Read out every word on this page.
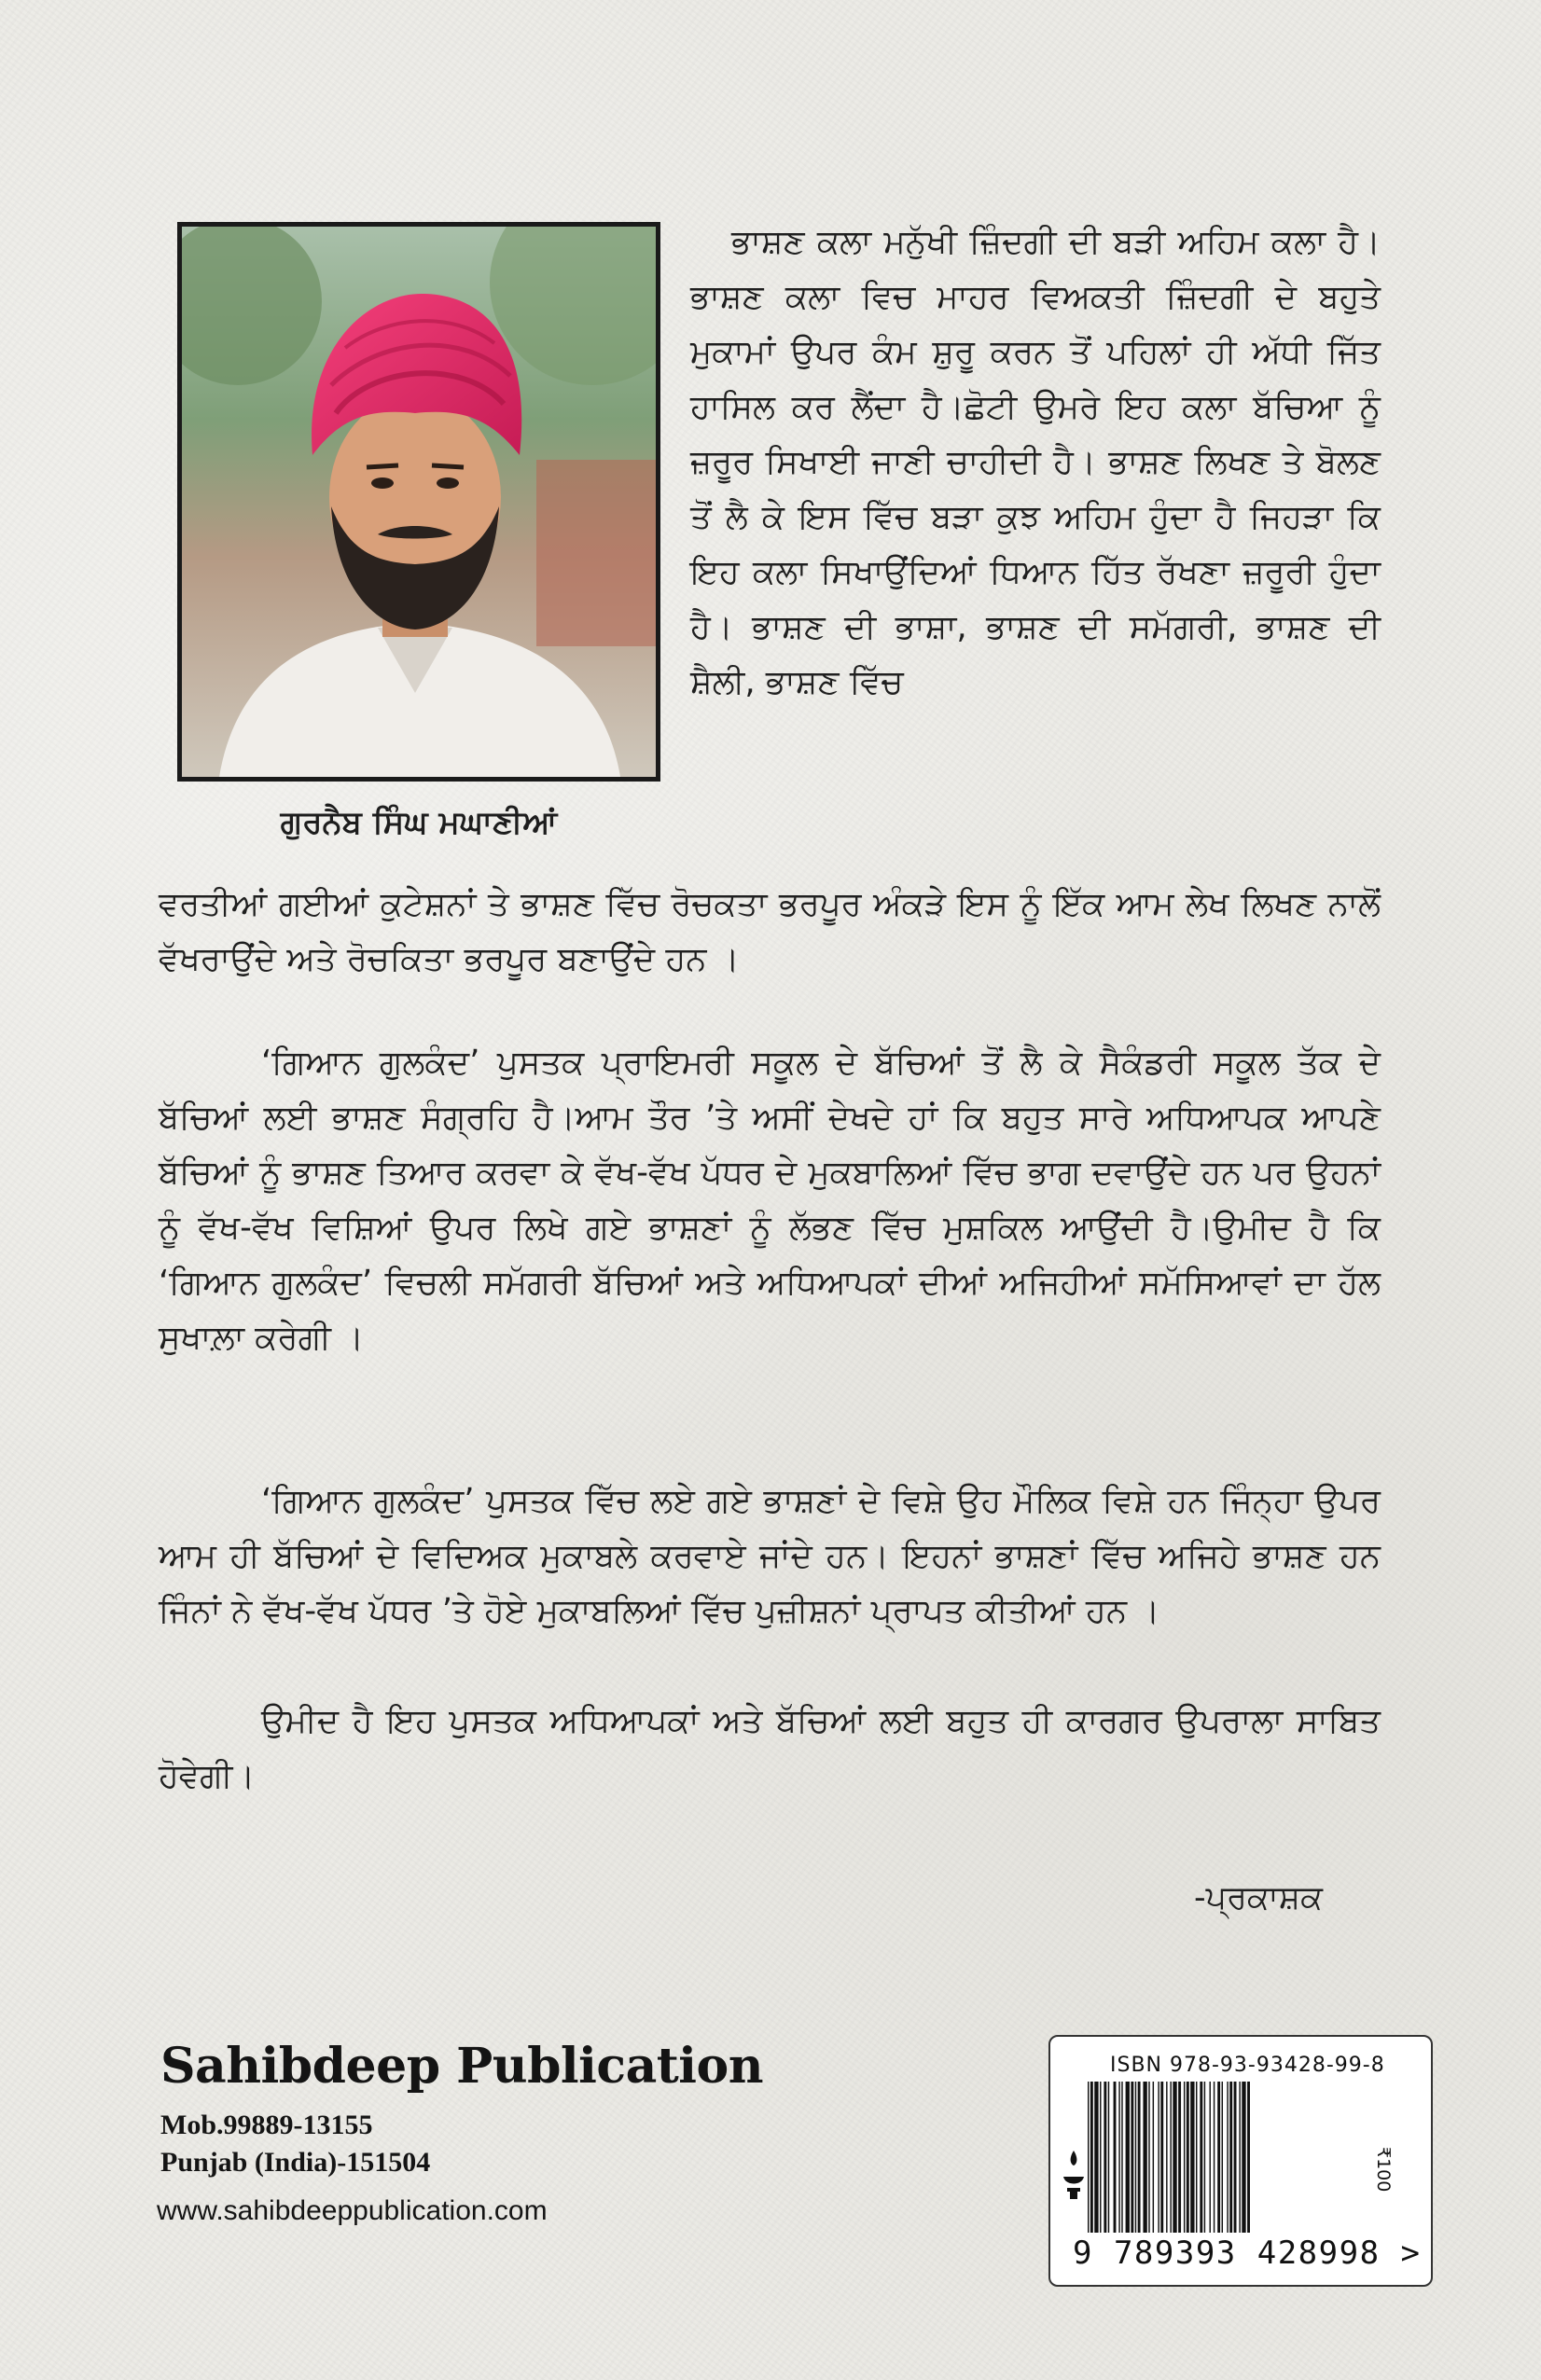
ਗੁਰਨੈਬ ਸਿੰਘ ਮਘਾਣੀਆਂ

ਭਾਸ਼ਣ ਕਲਾ ਮਨੁੱਖੀ ਜ਼ਿੰਦਗੀ ਦੀ ਬੜੀ ਅਹਿਮ ਕਲਾ ਹੈ। ਭਾਸ਼ਣ ਕਲਾ ਵਿਚ ਮਾਹਰ ਵਿਅਕਤੀ ਜ਼ਿੰਦਗੀ ਦੇ ਬਹੁਤੇ ਮੁਕਾਮਾਂ ਉਪਰ ਕੰਮ ਸ਼ੁਰੂ ਕਰਨ ਤੋਂ ਪਹਿਲਾਂ ਹੀ ਅੱਧੀ ਜਿੱਤ ਹਾਸਿਲ ਕਰ ਲੈਂਦਾ ਹੈ।ਛੋਟੀ ਉਮਰੇ ਇਹ ਕਲਾ ਬੱਚਿਆ ਨੂੰ ਜ਼ਰੂਰ ਸਿਖਾਈ ਜਾਣੀ ਚਾਹੀਦੀ ਹੈ। ਭਾਸ਼ਣ ਲਿਖਣ ਤੇ ਬੋਲਣ ਤੋਂ ਲੈ ਕੇ ਇਸ ਵਿੱਚ ਬੜਾ ਕੁਝ ਅਹਿਮ ਹੁੰਦਾ ਹੈ ਜਿਹੜਾ ਕਿ ਇਹ ਕਲਾ ਸਿਖਾਉਂਦਿਆਂ ਧਿਆਨ ਹਿੱਤ ਰੱਖਣਾ ਜ਼ਰੂਰੀ ਹੁੰਦਾ ਹੈ। ਭਾਸ਼ਣ ਦੀ ਭਾਸ਼ਾ, ਭਾਸ਼ਣ ਦੀ ਸਮੱਗਰੀ, ਭਾਸ਼ਣ ਦੀ ਸ਼ੈਲੀ, ਭਾਸ਼ਣ ਵਿੱਚ

ਵਰਤੀਆਂ ਗਈਆਂ ਕੁਟੇਸ਼ਨਾਂ ਤੇ ਭਾਸ਼ਣ ਵਿੱਚ ਰੋਚਕਤਾ ਭਰਪੂਰ ਅੰਕੜੇ ਇਸ ਨੂੰ ਇੱਕ ਆਮ ਲੇਖ ਲਿਖਣ ਨਾਲੋਂ ਵੱਖਰਾਉਂਦੇ ਅਤੇ ਰੋਚਕਿਤਾ ਭਰਪੂਰ ਬਣਾਉਂਦੇ ਹਨ ।

‘ਗਿਆਨ ਗੁਲਕੰਦ’ ਪੁਸਤਕ ਪ੍ਰਾਇਮਰੀ ਸਕੂਲ ਦੇ ਬੱਚਿਆਂ ਤੋਂ ਲੈ ਕੇ ਸੈਕੰਡਰੀ ਸਕੂਲ ਤੱਕ ਦੇ ਬੱਚਿਆਂ ਲਈ ਭਾਸ਼ਣ ਸੰਗ੍ਰਹਿ ਹੈ।ਆਮ ਤੌਰ ’ਤੇ ਅਸੀਂ ਦੇਖਦੇ ਹਾਂ ਕਿ ਬਹੁਤ ਸਾਰੇ ਅਧਿਆਪਕ ਆਪਣੇ ਬੱਚਿਆਂ ਨੂੰ ਭਾਸ਼ਣ ਤਿਆਰ ਕਰਵਾ ਕੇ ਵੱਖ-ਵੱਖ ਪੱਧਰ ਦੇ ਮੁਕਬਾਲਿਆਂ ਵਿੱਚ ਭਾਗ ਦਵਾਉਂਦੇ ਹਨ ਪਰ ਉਹਨਾਂ ਨੂੰ ਵੱਖ-ਵੱਖ ਵਿਸ਼ਿਆਂ ਉਪਰ ਲਿਖੇ ਗਏ ਭਾਸ਼ਣਾਂ ਨੂੰ ਲੱਭਣ ਵਿੱਚ ਮੁਸ਼ਕਿਲ ਆਉਂਦੀ ਹੈ।ਉਮੀਦ ਹੈ ਕਿ ‘ਗਿਆਨ ਗੁਲਕੰਦ’ ਵਿਚਲੀ ਸਮੱਗਰੀ ਬੱਚਿਆਂ ਅਤੇ ਅਧਿਆਪਕਾਂ ਦੀਆਂ ਅਜਿਹੀਆਂ ਸਮੱਸਿਆਵਾਂ ਦਾ ਹੱਲ ਸੁਖਾਲ਼ਾ ਕਰੇਗੀ ।

‘ਗਿਆਨ ਗੁਲਕੰਦ’ ਪੁਸਤਕ ਵਿੱਚ ਲਏ ਗਏ ਭਾਸ਼ਣਾਂ ਦੇ ਵਿਸ਼ੇ ਉਹ ਮੌਲਿਕ ਵਿਸ਼ੇ ਹਨ ਜਿੰਨ੍ਹਾ ਉਪਰ ਆਮ ਹੀ ਬੱਚਿਆਂ ਦੇ ਵਿਦਿਅਕ ਮੁਕਾਬਲੇ ਕਰਵਾਏ ਜਾਂਦੇ ਹਨ। ਇਹਨਾਂ ਭਾਸ਼ਣਾਂ ਵਿੱਚ ਅਜਿਹੇ ਭਾਸ਼ਣ ਹਨ ਜਿੰਨਾਂ ਨੇ ਵੱਖ-ਵੱਖ ਪੱਧਰ ’ਤੇ ਹੋਏ ਮੁਕਾਬਲਿਆਂ ਵਿੱਚ ਪੁਜ਼ੀਸ਼ਨਾਂ ਪ੍ਰਾਪਤ ਕੀਤੀਆਂ ਹਨ ।

ਉਮੀਦ ਹੈ ਇਹ ਪੁਸਤਕ ਅਧਿਆਪਕਾਂ ਅਤੇ ਬੱਚਿਆਂ ਲਈ ਬਹੁਤ ਹੀ ਕਾਰਗਰ ਉਪਰਾਲਾ ਸਾਬਿਤ ਹੋਵੇਗੀ।

-ਪ੍ਰਕਾਸ਼ਕ
Sahibdeep Publication
Mob.99889-13155
Punjab (India)-151504
www.sahibdeeppublication.com
ISBN 978-93-93428-99-8
9 789393 428998 >
₹100
